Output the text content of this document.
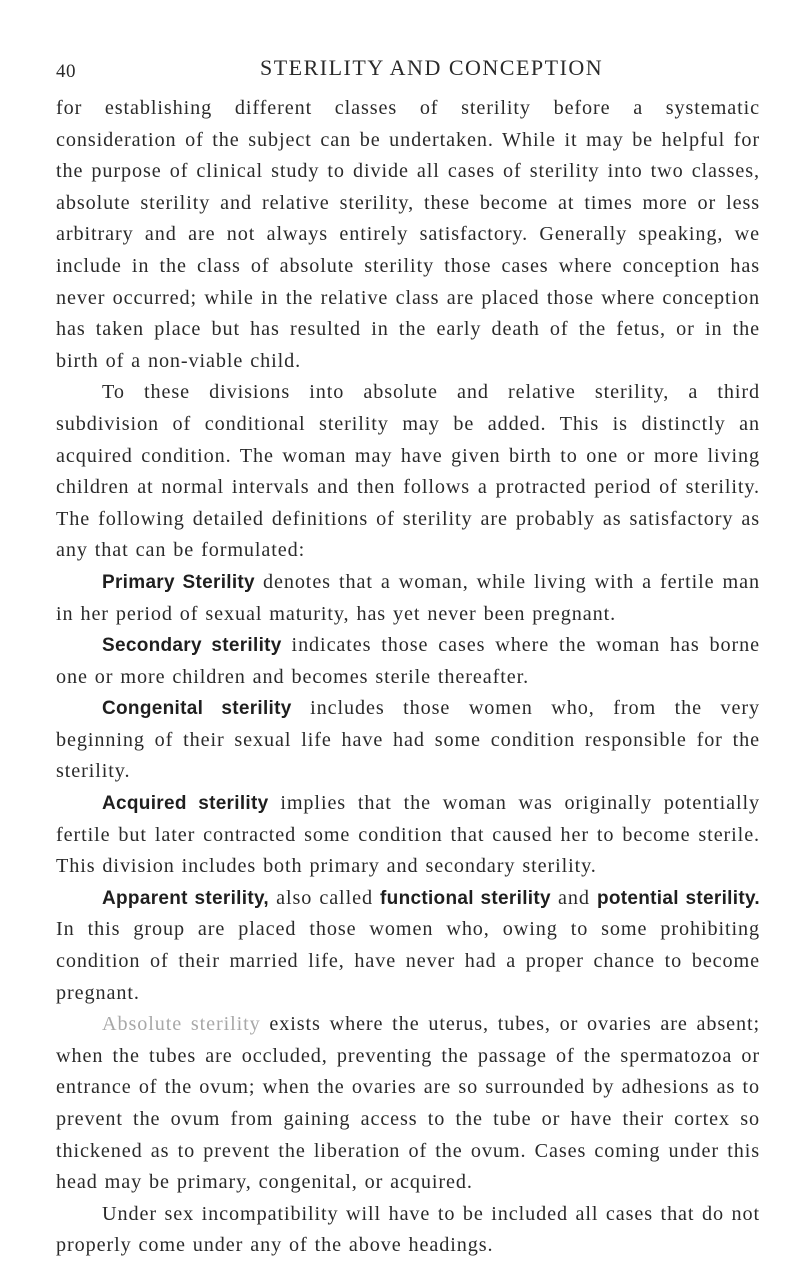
40	STERILITY AND CONCEPTION

for establishing different classes of sterility before a systematic consideration of the subject can be undertaken. While it may be helpful for the purpose of clinical study to divide all cases of sterility into two classes, absolute sterility and relative sterility, these become at times more or less arbitrary and are not always entirely satisfactory. Generally speaking, we include in the class of absolute sterility those cases where conception has never occurred; while in the relative class are placed those where conception has taken place but has resulted in the early death of the fetus, or in the birth of a non-viable child.

To these divisions into absolute and relative sterility, a third subdivision of conditional sterility may be added. This is distinctly an acquired condition. The woman may have given birth to one or more living children at normal intervals and then follows a protracted period of sterility. The following detailed definitions of sterility are probably as satisfactory as any that can be formulated:

Primary Sterility denotes that a woman, while living with a fertile man in her period of sexual maturity, has yet never been pregnant.

Secondary sterility indicates those cases where the woman has borne one or more children and becomes sterile thereafter.

Congenital sterility includes those women who, from the very beginning of their sexual life have had some condition responsible for the sterility.

Acquired sterility implies that the woman was originally potentially fertile but later contracted some condition that caused her to become sterile. This division includes both primary and secondary sterility.

Apparent sterility, also called functional sterility and potential sterility. In this group are placed those women who, owing to some prohibiting condition of their married life, have never had a proper chance to become pregnant.

Absolute sterility exists where the uterus, tubes, or ovaries are absent; when the tubes are occluded, preventing the passage of the spermatozoa or entrance of the ovum; when the ovaries are so surrounded by adhesions as to prevent the ovum from gaining access to the tube or have their cortex so thickened as to prevent the liberation of the ovum. Cases coming under this head may be primary, congenital, or acquired.

Under sex incompatibility will have to be included all cases that do not properly come under any of the above headings.
